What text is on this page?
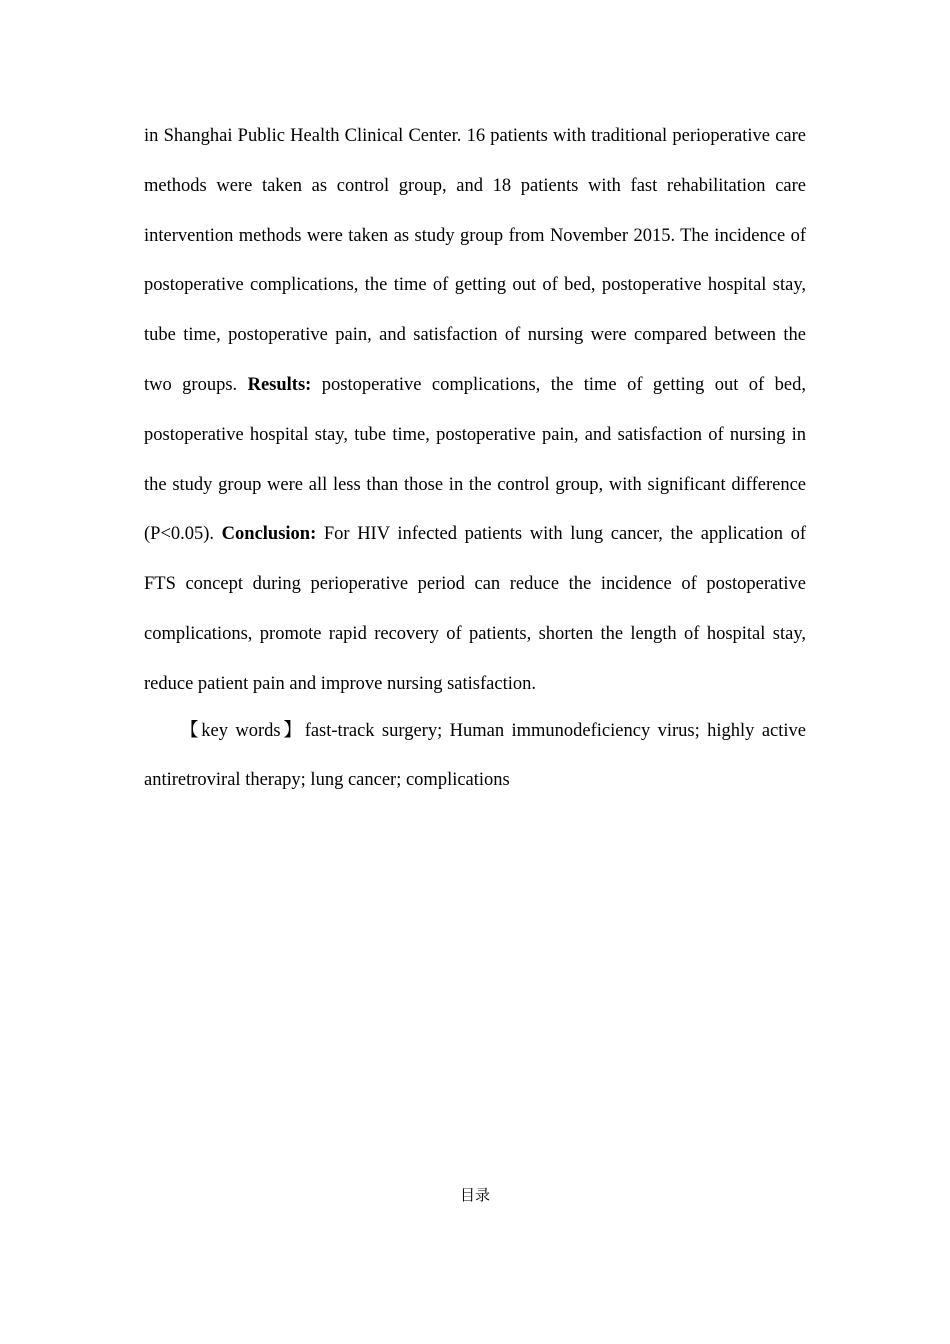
in Shanghai Public Health Clinical Center. 16 patients with traditional perioperative care methods were taken as control group, and 18 patients with fast rehabilitation care intervention methods were taken as study group from November 2015. The incidence of postoperative complications, the time of getting out of bed, postoperative hospital stay, tube time, postoperative pain, and satisfaction of nursing were compared between the two groups. Results: postoperative complications, the time of getting out of bed, postoperative hospital stay, tube time, postoperative pain, and satisfaction of nursing in the study group were all less than those in the control group, with significant difference (P<0.05). Conclusion: For HIV infected patients with lung cancer, the application of FTS concept during perioperative period can reduce the incidence of postoperative complications, promote rapid recovery of patients, shorten the length of hospital stay, reduce patient pain and improve nursing satisfaction.

【key words】fast-track surgery; Human immunodeficiency virus; highly active antiretroviral therapy; lung cancer; complications

目录
